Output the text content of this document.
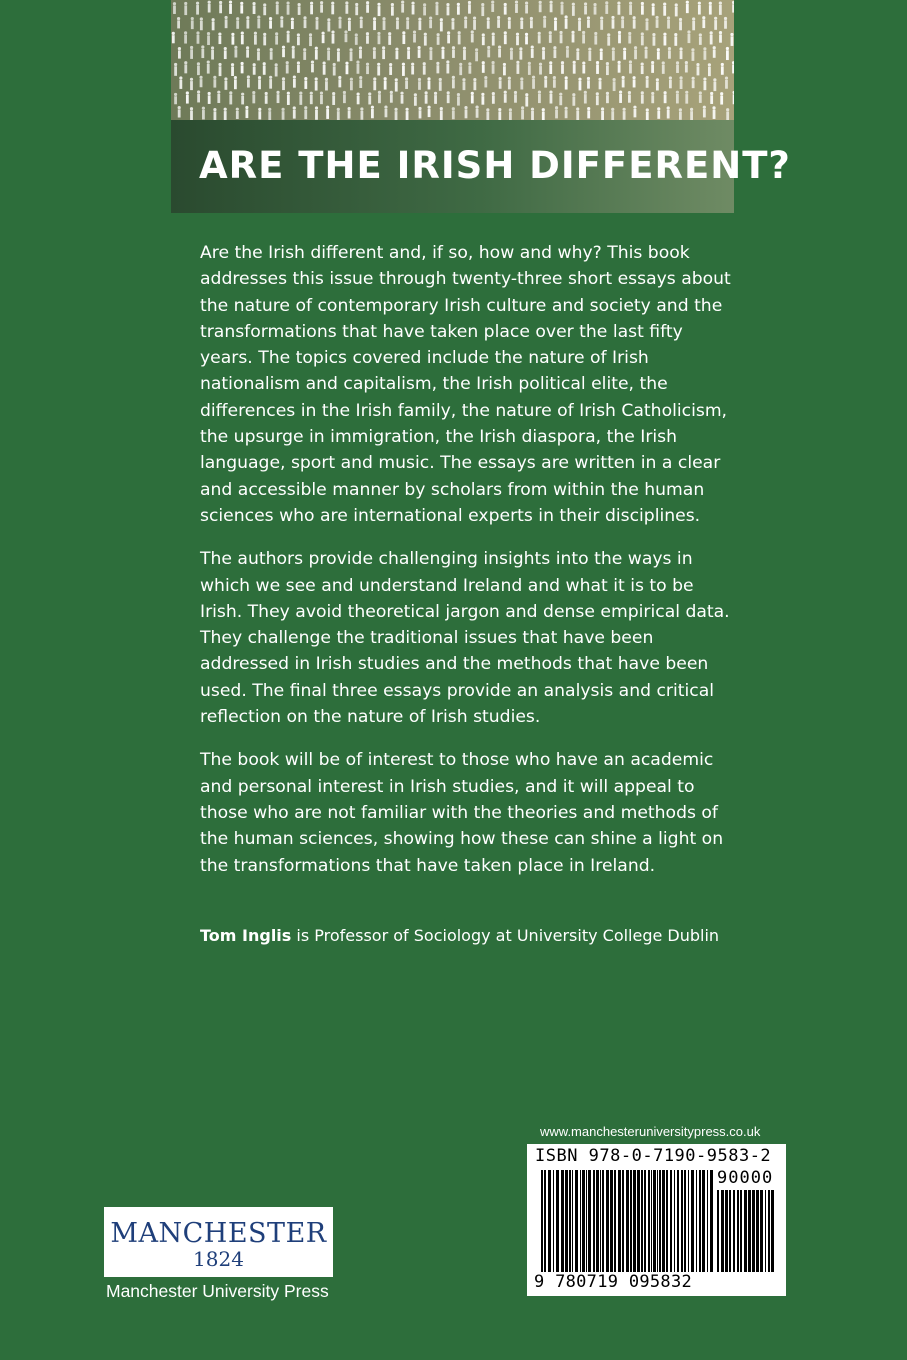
ARE THE IRISH DIFFERENT?

Are the Irish different and, if so, how and why? This book addresses this issue through twenty-three short essays about the nature of contemporary Irish culture and society and the transformations that have taken place over the last fifty years. The topics covered include the nature of Irish nationalism and capitalism, the Irish political elite, the differences in the Irish family, the nature of Irish Catholicism, the upsurge in immigration, the Irish diaspora, the Irish language, sport and music. The essays are written in a clear and accessible manner by scholars from within the human sciences who are international experts in their disciplines.

The authors provide challenging insights into the ways in which we see and understand Ireland and what it is to be Irish. They avoid theoretical jargon and dense empirical data. They challenge the traditional issues that have been addressed in Irish studies and the methods that have been used. The final three essays provide an analysis and critical reflection on the nature of Irish studies.

The book will be of interest to those who have an academic and personal interest in Irish studies, and it will appeal to those who are not familiar with the theories and methods of the human sciences, showing how these can shine a light on the transformations that have taken place in Ireland.

Tom Inglis is Professor of Sociology at University College Dublin
MANCHESTER
1824
Manchester University Press
www.manchesteruniversitypress.co.uk
ISBN 978-0-7190-9583-2
90000
9 780719 095832
